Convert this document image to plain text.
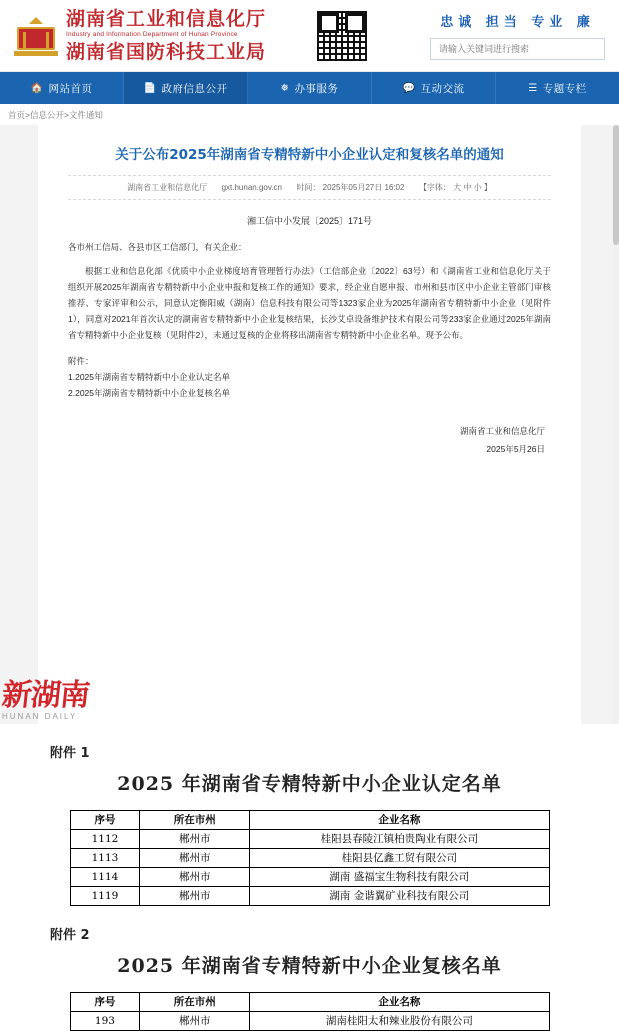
湖南省工业和信息化厅
Industry and Information Department of Hunan Province
湖南省国防科技工业局
忠诚 担当 专业 廉
请输入关键词进行搜索
🏠 网站首页	📄 政府信息公开	❅ 办事服务	💬 互动交流	☰ 专题专栏
首页>信息公开>文件通知
关于公布2025年湖南省专精特新中小企业认定和复核名单的通知
湖南省工业和信息化厅 gxt.hunan.gov.cn 时间： 2025年05月27日 16:02 【字体： 大 中 小 】
湘工信中小发展〔2025〕171号
各市州工信局、各县市区工信部门，有关企业：
根据工业和信息化部《优质中小企业梯度培育管理暂行办法》（工信部企业〔2022〕63号）和《湖南省工业和信息化厅关于组织开展2025年湖南省专精特新中小企业申报和复核工作的通知》要求，经企业自愿申报、市州和县市区中小企业主管部门审核推荐、专家评审和公示，同意认定衡阳威（湖南）信息科技有限公司等1323家企业为2025年湖南省专精特新中小企业（见附件1），同意对2021年首次认定的湖南省专精特新中小企业复核结果，长沙艾卓设备维护技术有限公司等233家企业通过2025年湖南省专精特新中小企业复核（见附件2），未通过复核的企业将移出湖南省专精特新中小企业名单。现予公布。
附件：
1.2025年湖南省专精特新中小企业认定名单
2.2025年湖南省专精特新中小企业复核名单
湖南省工业和信息化厅
2025年5月26日
附件 1
2025 年湖南省专精特新中小企业认定名单
序号	所在市州	企业名称
1112	郴州市	桂阳县春陵江镇柏贵陶业有限公司
1113	郴州市	桂阳县亿鑫工贸有限公司
1114	郴州市	湖南 盛福宝生物科技有限公司
1119	郴州市	湖南 金谐翼矿业科技有限公司
附件 2
2025 年湖南省专精特新中小企业复核名单
序号	所在市州	企业名称
193	郴州市	湖南桂阳太和辣业股份有限公司
新湖南
HUNAN DAILY
